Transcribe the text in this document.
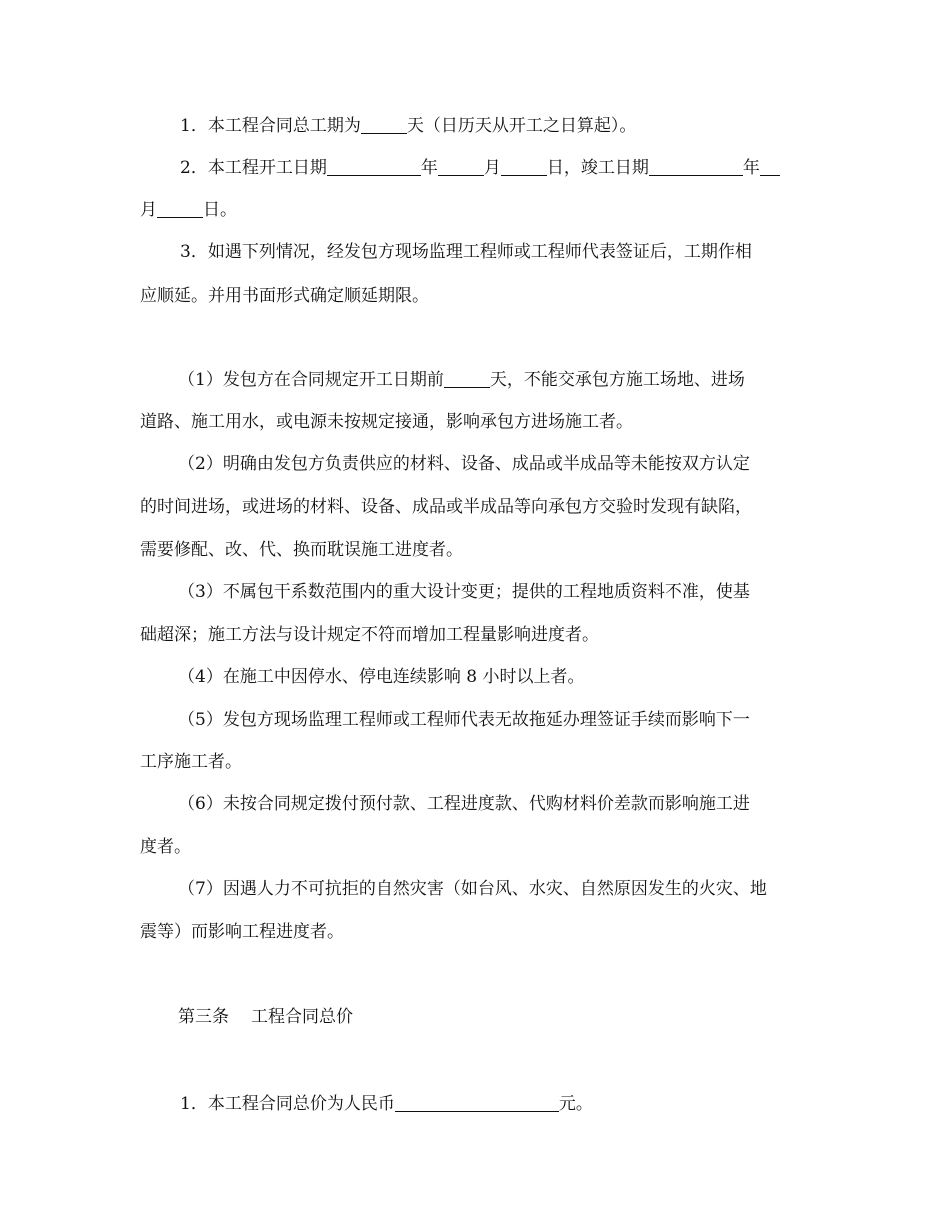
1．本工程合同总工期为	天（日历天从开工之日算起）。
2．本工程开工日期	年	月	日，竣工日期	年
月	日。
3．如遇下列情况，经发包方现场监理工程师或工程师代表签证后，工期作相
应顺延。并用书面形式确定顺延期限。
（1）发包方在合同规定开工日期前	天，不能交承包方施工场地、进场
道路、施工用水，或电源未按规定接通，影响承包方进场施工者。
（2）明确由发包方负责供应的材料、设备、成品或半成品等未能按双方认定
的时间进场，或进场的材料、设备、成品或半成品等向承包方交验时发现有缺陷，
需要修配、改、代、换而耽误施工进度者。
（3）不属包干系数范围内的重大设计变更；提供的工程地质资料不准，使基
础超深；施工方法与设计规定不符而增加工程量影响进度者。
（4）在施工中因停水、停电连续影响 8 小时以上者。
（5）发包方现场监理工程师或工程师代表无故拖延办理签证手续而影响下一
工序施工者。
（6）未按合同规定拨付预付款、工程进度款、代购材料价差款而影响施工进
度者。
（7）因遇人力不可抗拒的自然灾害（如台风、水灾、自然原因发生的火灾、地
震等）而影响工程进度者。
第三条 工程合同总价
1．本工程合同总价为人民币	元。
